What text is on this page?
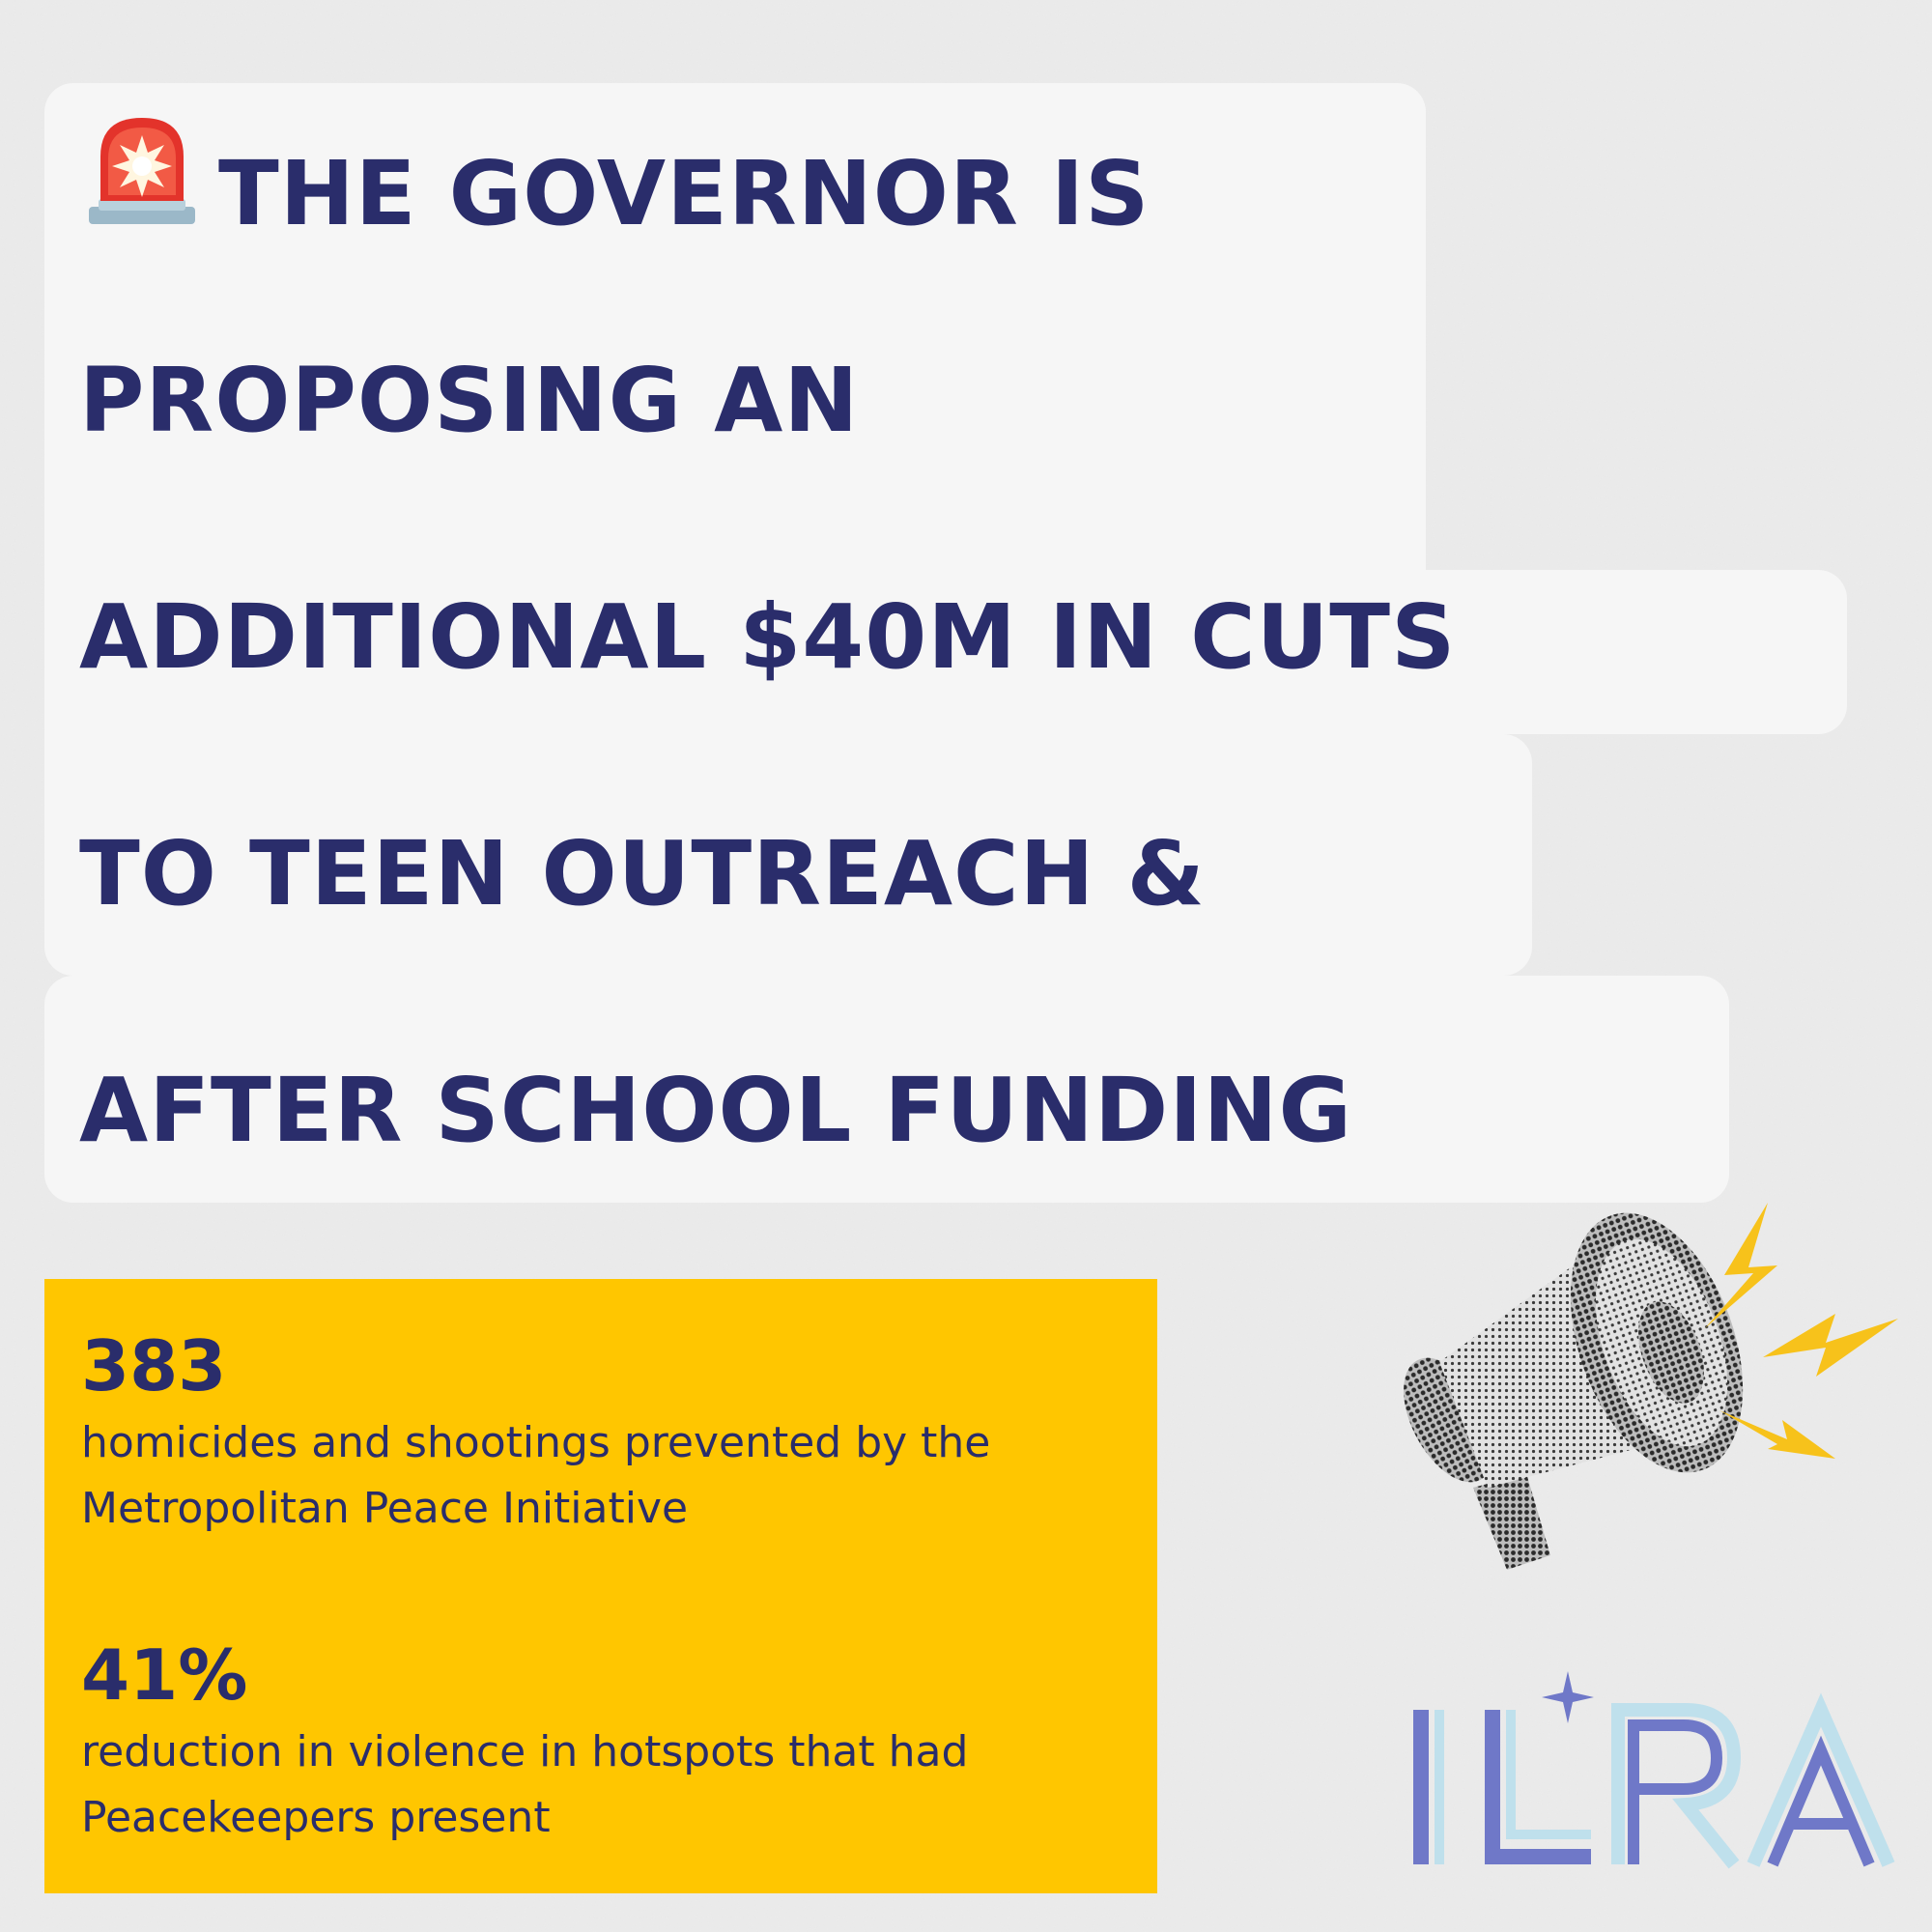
THE GOVERNOR IS
PROPOSING AN
ADDITIONAL $40M IN CUTS
TO TEEN OUTREACH &
AFTER SCHOOL FUNDING
383
homicides and shootings prevented by the Metropolitan Peace Initiative
41%
reduction in violence in hotspots that had Peacekeepers present
